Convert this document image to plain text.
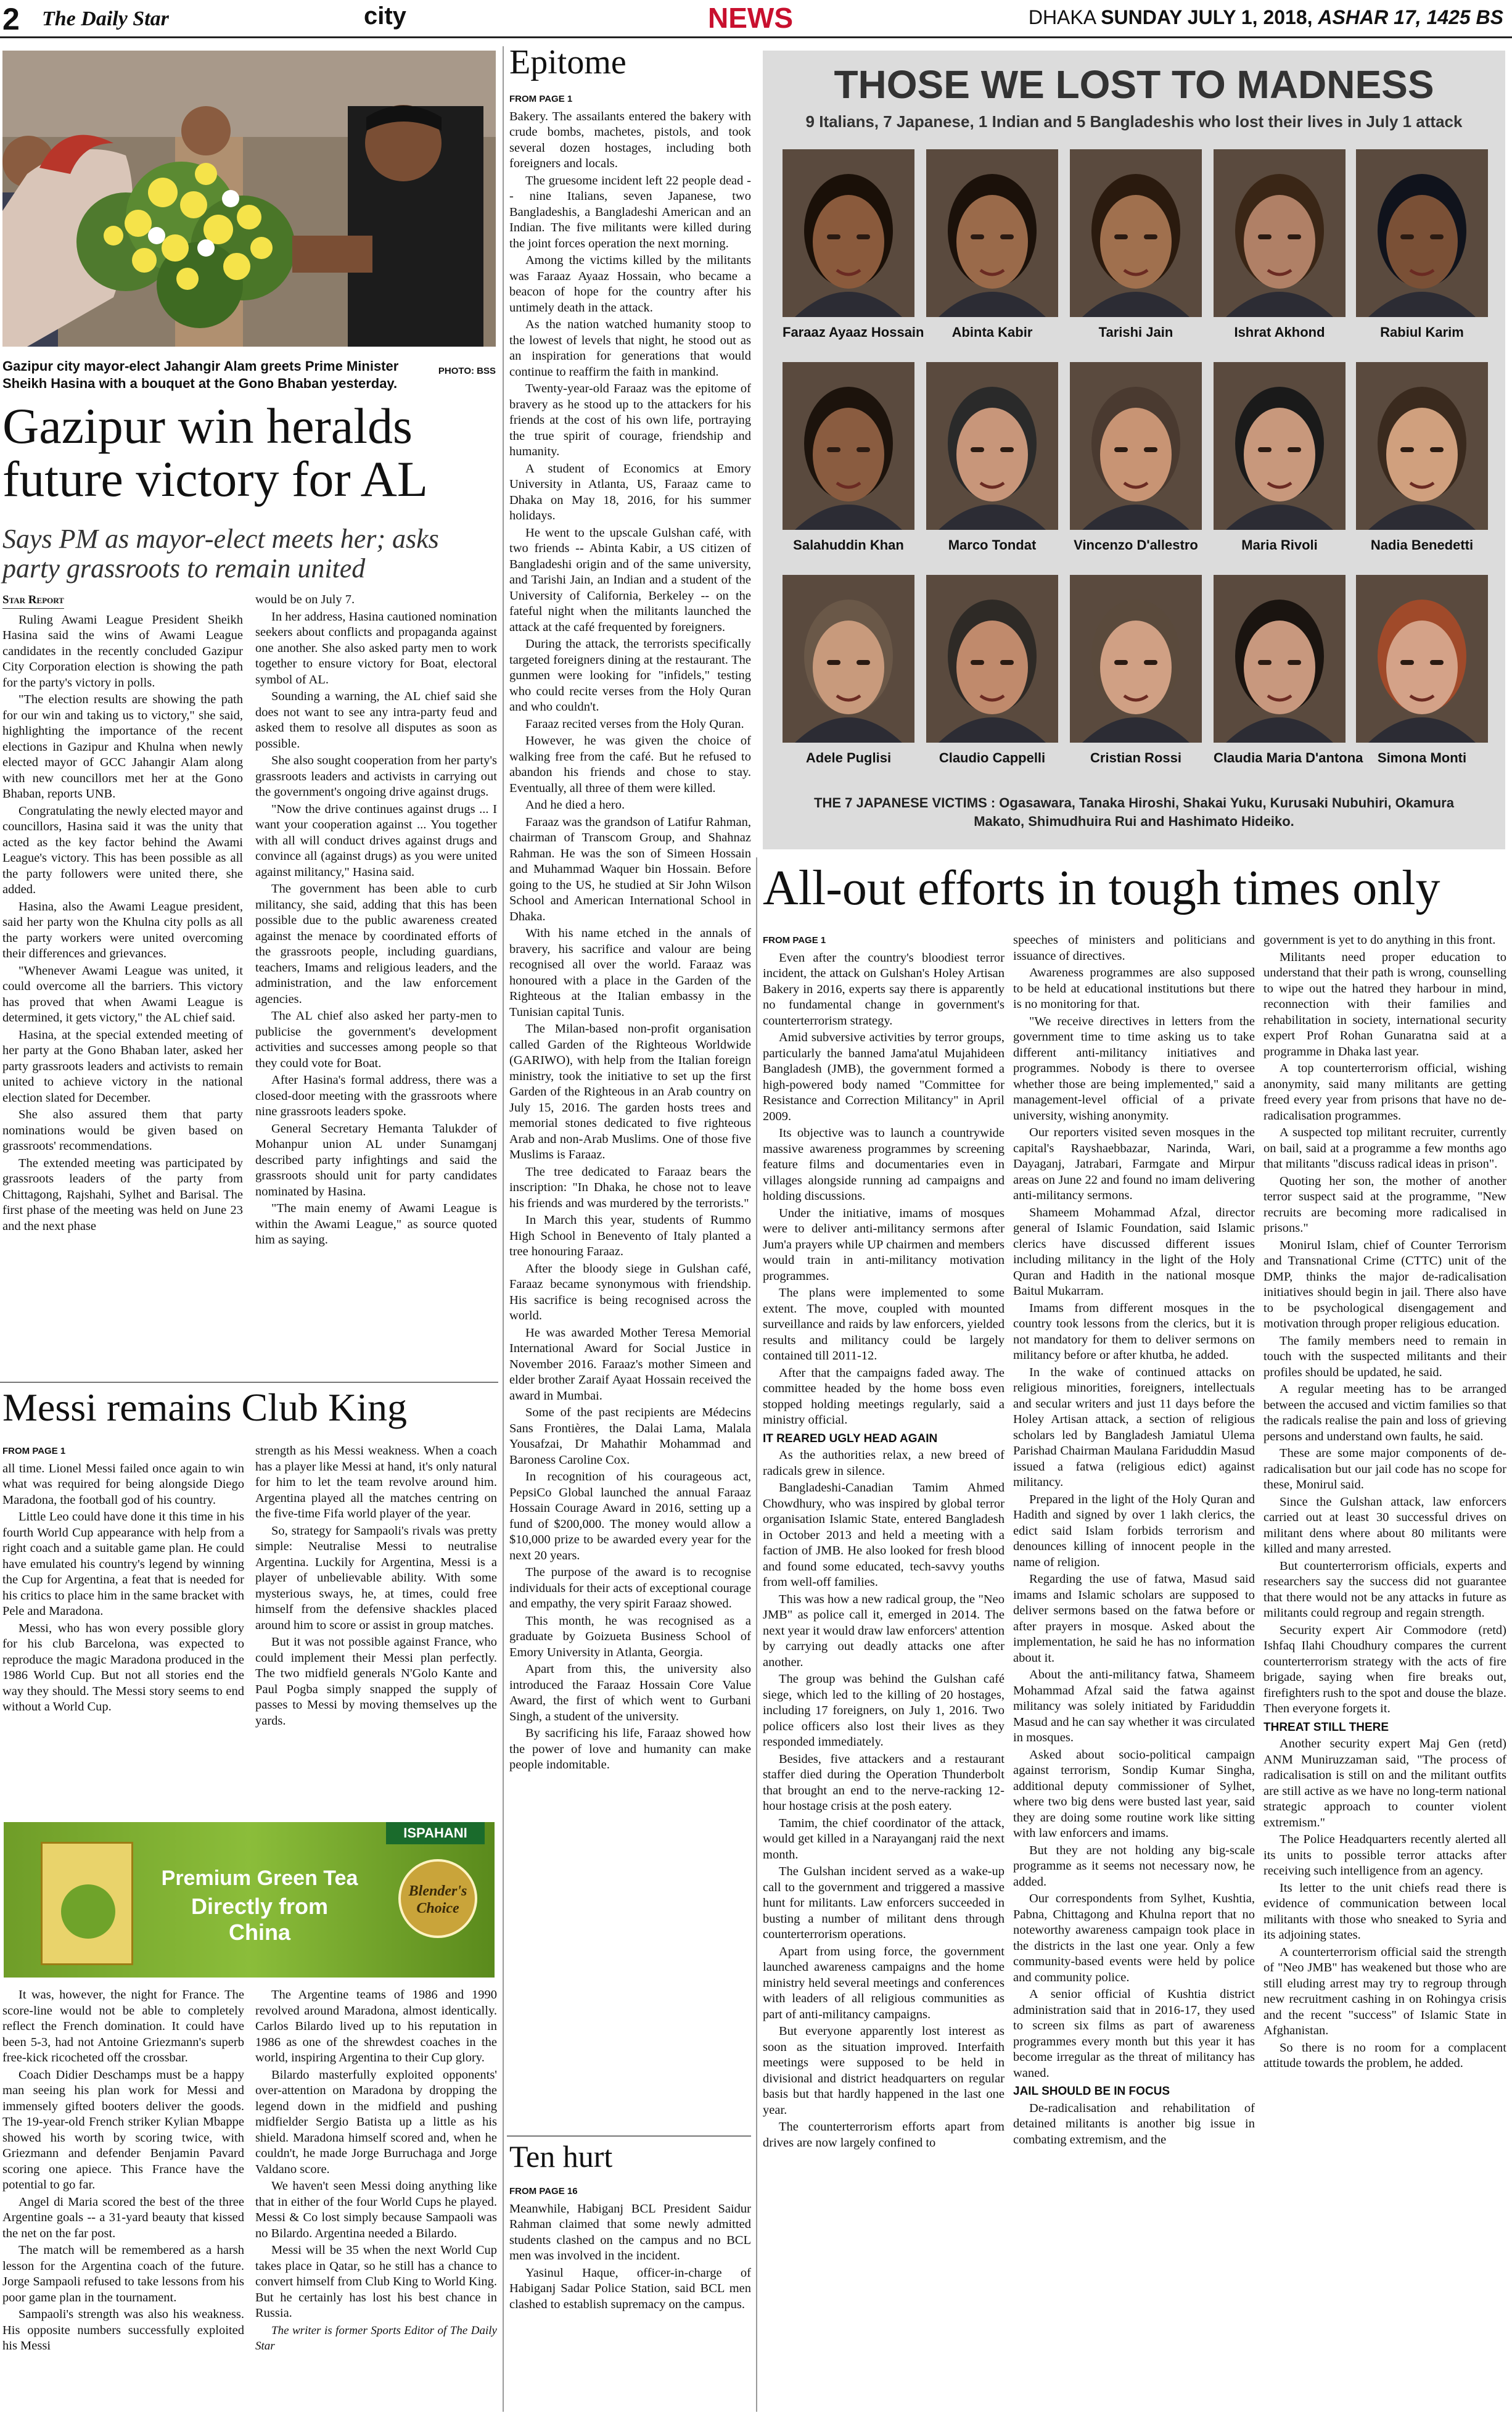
2 The Daily Star	city	NEWS	DHAKA SUNDAY JULY 1, 2018, ASHAR 17, 1425 BS
PHOTO: BSS
Gazipur city mayor-elect Jahangir Alam greets Prime Minister Sheikh Hasina with a bouquet at the Gono Bhaban yesterday.
Gazipur win heralds future victory for AL
Says PM as mayor-elect meets her; asks party grassroots to remain united
Star Report

Ruling Awami League President Sheikh Hasina said the wins of Awami League candidates in the recently concluded Gazipur City Corporation election is showing the path for the party's victory in polls.

"The election results are showing the path for our win and taking us to victory," she said, highlighting the importance of the recent elections in Gazipur and Khulna when newly elected mayor of GCC Jahangir Alam along with new councillors met her at the Gono Bhaban, reports UNB.

Congratulating the newly elected mayor and councillors, Hasina said it was the unity that acted as the key factor behind the Awami League's victory. This has been possible as all the party followers were united there, she added.

Hasina, also the Awami League president, said her party won the Khulna city polls as all the party workers were united overcoming their differences and grievances.

"Whenever Awami League was united, it could overcome all the barriers. This victory has proved that when Awami League is determined, it gets victory," the AL chief said.

Hasina, at the special extended meeting of her party at the Gono Bhaban later, asked her party grassroots leaders and activists to remain united to achieve victory in the national election slated for December.

She also assured them that party nominations would be given based on grassroots' recommendations.

The extended meeting was participated by grassroots leaders of the party from Chittagong, Rajshahi, Sylhet and Barisal. The first phase of the meeting was held on June 23 and the next phase

would be on July 7.

In her address, Hasina cautioned nomination seekers about conflicts and propaganda against one another. She also asked party men to work together to ensure victory for Boat, electoral symbol of AL.

Sounding a warning, the AL chief said she does not want to see any intra-party feud and asked them to resolve all disputes as soon as possible.

She also sought cooperation from her party's grassroots leaders and activists in carrying out the government's ongoing drive against drugs.

"Now the drive continues against drugs ... I want your cooperation against ... You together with all will conduct drives against drugs and convince all (against drugs) as you were united against militancy," Hasina said.

The government has been able to curb militancy, she said, adding that this has been possible due to the public awareness created against the menace by coordinated efforts of the grassroots people, including guardians, teachers, Imams and religious leaders, and the administration, and the law enforcement agencies.

The AL chief also asked her party-men to publicise the government's development activities and successes among people so that they could vote for Boat.

After Hasina's formal address, there was a closed-door meeting with the grassroots where nine grassroots leaders spoke.

General Secretary Hemanta Talukder of Mohanpur union AL under Sunamganj described party infightings and said the grassroots should unit for party candidates nominated by Hasina.

"The main enemy of Awami League is within the Awami League," as source quoted him as saying.

Messi remains Club King
FROM PAGE 1

all time. Lionel Messi failed once again to win what was required for being alongside Diego Maradona, the football god of his country.

Little Leo could have done it this time in his fourth World Cup appearance with help from a right coach and a suitable game plan. He could have emulated his country's legend by winning the Cup for Argentina, a feat that is needed for his critics to place him in the same bracket with Pele and Maradona.

Messi, who has won every possible glory for his club Barcelona, was expected to reproduce the magic Maradona produced in the 1986 World Cup. But not all stories end the way they should. The Messi story seems to end without a World Cup.

strength as his Messi weakness. When a coach has a player like Messi at hand, it's only natural for him to let the team revolve around him. Argentina played all the matches centring on the five-time Fifa world player of the year.

So, strategy for Sampaoli's rivals was pretty simple: Neutralise Messi to neutralise Argentina. Luckily for Argentina, Messi is a player of unbelievable ability. With some mysterious sways, he, at times, could free himself from the defensive shackles placed around him to score or assist in group matches.

But it was not possible against France, who could implement their Messi plan perfectly. The two midfield generals N'Golo Kante and Paul Pogba simply snapped the supply of passes to Messi by moving themselves up the yards.

Premium Green Tea
Directly from China
ISPAHANI
Blender's Choice

It was, however, the night for France. The score-line would not be able to completely reflect the French domination. It could have been 5-3, had not Antoine Griezmann's superb free-kick ricocheted off the crossbar.

Coach Didier Deschamps must be a happy man seeing his plan work for Messi and immensely gifted booters deliver the goods. The 19-year-old French striker Kylian Mbappe showed his worth by scoring twice, with Griezmann and defender Benjamin Pavard scoring one apiece. This France have the potential to go far.

Angel di Maria scored the best of the three Argentine goals -- a 31-yard beauty that kissed the net on the far post.

The match will be remembered as a harsh lesson for the Argentina coach of the future. Jorge Sampaoli refused to take lessons from his poor game plan in the tournament.

Sampaoli's strength was also his weakness. His opposite numbers successfully exploited his Messi

The Argentine teams of 1986 and 1990 revolved around Maradona, almost identically. Carlos Bilardo lived up to his reputation in 1986 as one of the shrewdest coaches in the world, inspiring Argentina to their Cup glory.

Bilardo masterfully exploited opponents' over-attention on Maradona by dropping the legend down in the midfield and pushing midfielder Sergio Batista up a little as his shield. Maradona himself scored and, when he couldn't, he made Jorge Burruchaga and Jorge Valdano score.

We haven't seen Messi doing anything like that in either of the four World Cups he played. Messi & Co lost simply because Sampaoli was no Bilardo. Argentina needed a Bilardo.

Messi will be 35 when the next World Cup takes place in Qatar, so he still has a chance to convert himself from Club King to World King. But he certainly has lost his best chance in Russia.

The writer is former Sports Editor of The Daily Star

Epitome
FROM PAGE 1

Bakery. The assailants entered the bakery with crude bombs, machetes, pistols, and took several dozen hostages, including both foreigners and locals.

The gruesome incident left 22 people dead -- nine Italians, seven Japanese, two Bangladeshis, a Bangladeshi American and an Indian. The five militants were killed during the joint forces operation the next morning.

Among the victims killed by the militants was Faraaz Ayaaz Hossain, who became a beacon of hope for the country after his untimely death in the attack.

As the nation watched humanity stoop to the lowest of levels that night, he stood out as an inspiration for generations that would continue to reaffirm the faith in mankind.

Twenty-year-old Faraaz was the epitome of bravery as he stood up to the attackers for his friends at the cost of his own life, portraying the true spirit of courage, friendship and humanity.

A student of Economics at Emory University in Atlanta, US, Faraaz came to Dhaka on May 18, 2016, for his summer holidays.

He went to the upscale Gulshan café, with two friends -- Abinta Kabir, a US citizen of Bangladeshi origin and of the same university, and Tarishi Jain, an Indian and a student of the University of California, Berkeley -- on the fateful night when the militants launched the attack at the café frequented by foreigners.

During the attack, the terrorists specifically targeted foreigners dining at the restaurant. The gunmen were looking for "infidels," testing who could recite verses from the Holy Quran and who couldn't.

Faraaz recited verses from the Holy Quran.

However, he was given the choice of walking free from the café. But he refused to abandon his friends and chose to stay. Eventually, all three of them were killed.

And he died a hero.

Faraaz was the grandson of Latifur Rahman, chairman of Transcom Group, and Shahnaz Rahman. He was the son of Simeen Hossain and Muhammad Waquer bin Hossain. Before going to the US, he studied at Sir John Wilson School and American International School in Dhaka.

With his name etched in the annals of bravery, his sacrifice and valour are being recognised all over the world. Faraaz was honoured with a place in the Garden of the Righteous at the Italian embassy in the Tunisian capital Tunis.

The Milan-based non-profit organisation called Garden of the Righteous Worldwide (GARIWO), with help from the Italian foreign ministry, took the initiative to set up the first Garden of the Righteous in an Arab country on July 15, 2016. The garden hosts trees and memorial stones dedicated to five righteous Arab and non-Arab Muslims. One of those five Muslims is Faraaz.

The tree dedicated to Faraaz bears the inscription: "In Dhaka, he chose not to leave his friends and was murdered by the terrorists."

In March this year, students of Rummo High School in Benevento of Italy planted a tree honouring Faraaz.

After the bloody siege in Gulshan café, Faraaz became synonymous with friendship. His sacrifice is being recognised across the world.

He was awarded Mother Teresa Memorial International Award for Social Justice in November 2016. Faraaz's mother Simeen and elder brother Zaraif Ayaat Hossain received the award in Mumbai.

Some of the past recipients are Médecins Sans Frontières, the Dalai Lama, Malala Yousafzai, Dr Mahathir Mohammad and Baroness Caroline Cox.

In recognition of his courageous act, PepsiCo Global launched the annual Faraaz Hossain Courage Award in 2016, setting up a fund of $200,000. The money would allow a $10,000 prize to be awarded every year for the next 20 years.

The purpose of the award is to recognise individuals for their acts of exceptional courage and empathy, the very spirit Faraaz showed.

This month, he was recognised as a graduate by Goizueta Business School of Emory University in Atlanta, Georgia.

Apart from this, the university also introduced the Faraaz Hossain Core Value Award, the first of which went to Gurbani Singh, a student of the university.

By sacrificing his life, Faraaz showed how the power of love and humanity can make people indomitable.

Ten hurt
FROM PAGE 16

Meanwhile, Habiganj BCL President Saidur Rahman claimed that some newly admitted students clashed on the campus and no BCL men was involved in the incident.

Yasinul Haque, officer-in-charge of Habiganj Sadar Police Station, said BCL men clashed to establish supremacy on the campus.

THOSE WE LOST TO MADNESS
9 Italians, 7 Japanese, 1 Indian and 5 Bangladeshis who lost their lives in July 1 attack
Faraaz Ayaaz Hossain	Abinta Kabir	Tarishi Jain	Ishrat Akhond	Rabiul Karim
Salahuddin Khan	Marco Tondat	Vincenzo D'allestro	Maria Rivoli	Nadia Benedetti
Adele Puglisi	Claudio Cappelli	Cristian Rossi	Claudia Maria D'antona	Simona Monti
THE 7 JAPANESE VICTIMS : Ogasawara, Tanaka Hiroshi, Shakai Yuku, Kurusaki Nubuhiri, Okamura Makato, Shimudhuira Rui and Hashimato Hideiko.
All-out efforts in tough times only
FROM PAGE 1

Even after the country's bloodiest terror incident, the attack on Gulshan's Holey Artisan Bakery in 2016, experts say there is apparently no fundamental change in government's counterterrorism strategy.

Amid subversive activities by terror groups, particularly the banned Jama'atul Mujahideen Bangladesh (JMB), the government formed a high-powered body named "Committee for Resistance and Correction Militancy" in April 2009.

Its objective was to launch a countrywide massive awareness programmes by screening feature films and documentaries even in villages alongside running ad campaigns and holding discussions.

Under the initiative, imams of mosques were to deliver anti-militancy sermons after Jum'a prayers while UP chairmen and members would train in anti-militancy motivation programmes.

The plans were implemented to some extent. The move, coupled with mounted surveillance and raids by law enforcers, yielded results and militancy could be largely contained till 2011-12.

After that the campaigns faded away. The committee headed by the home boss even stopped holding meetings regularly, said a ministry official.

IT REARED UGLY HEAD AGAIN

As the authorities relax, a new breed of radicals grew in silence.

Bangladeshi-Canadian Tamim Ahmed Chowdhury, who was inspired by global terror organisation Islamic State, entered Bangladesh in October 2013 and held a meeting with a faction of JMB. He also looked for fresh blood and found some educated, tech-savvy youths from well-off families.

This was how a new radical group, the "Neo JMB" as police call it, emerged in 2014. The next year it would draw law enforcers' attention by carrying out deadly attacks one after another.

The group was behind the Gulshan café siege, which led to the killing of 20 hostages, including 17 foreigners, on July 1, 2016. Two police officers also lost their lives as they responded immediately.

Besides, five attackers and a restaurant staffer died during the Operation Thunderbolt that brought an end to the nerve-racking 12-hour hostage crisis at the posh eatery.

Tamim, the chief coordinator of the attack, would get killed in a Narayanganj raid the next month.

The Gulshan incident served as a wake-up call to the government and triggered a massive hunt for militants. Law enforcers succeeded in busting a number of militant dens through counterterrorism operations.

Apart from using force, the government launched awareness campaigns and the home ministry held several meetings and conferences with leaders of all religious communities as part of anti-militancy campaigns.

But everyone apparently lost interest as soon as the situation improved. Interfaith meetings were supposed to be held in divisional and district headquarters on regular basis but that hardly happened in the last one year.

The counterterrorism efforts apart from drives are now largely confined to

speeches of ministers and politicians and issuance of directives.

Awareness programmes are also supposed to be held at educational institutions but there is no monitoring for that.

"We receive directives in letters from the government time to time asking us to take different anti-militancy initiatives and programmes. Nobody is there to oversee whether those are being implemented," said a management-level official of a private university, wishing anonymity.

Our reporters visited seven mosques in the capital's Rayshaebbazar, Narinda, Wari, Dayaganj, Jatrabari, Farmgate and Mirpur areas on June 22 and found no imam delivering anti-militancy sermons.

Shameem Mohammad Afzal, director general of Islamic Foundation, said Islamic clerics have discussed different issues including militancy in the light of the Holy Quran and Hadith in the national mosque Baitul Mukarram.

Imams from different mosques in the country took lessons from the clerics, but it is not mandatory for them to deliver sermons on militancy before or after khutba, he added.

In the wake of continued attacks on religious minorities, foreigners, intellectuals and secular writers and just 11 days before the Holey Artisan attack, a section of religious scholars led by Bangladesh Jamiatul Ulema Parishad Chairman Maulana Fariduddin Masud issued a fatwa (religious edict) against militancy.

Prepared in the light of the Holy Quran and Hadith and signed by over 1 lakh clerics, the edict said Islam forbids terrorism and denounces killing of innocent people in the name of religion.

Regarding the use of fatwa, Masud said imams and Islamic scholars are supposed to deliver sermons based on the fatwa before or after prayers in mosque. Asked about the implementation, he said he has no information about it.

About the anti-militancy fatwa, Shameem Mohammad Afzal said the fatwa against militancy was solely initiated by Fariduddin Masud and he can say whether it was circulated in mosques.

Asked about socio-political campaign against terrorism, Sondip Kumar Singha, additional deputy commissioner of Sylhet, where two big dens were busted last year, said they are doing some routine work like sitting with law enforcers and imams.

But they are not holding any big-scale programme as it seems not necessary now, he added.

Our correspondents from Sylhet, Kushtia, Pabna, Chittagong and Khulna report that no noteworthy awareness campaign took place in the districts in the last one year. Only a few community-based events were held by police and community police.

A senior official of Kushtia district administration said that in 2016-17, they used to screen six films as part of awareness programmes every month but this year it has become irregular as the threat of militancy has waned.

JAIL SHOULD BE IN FOCUS

De-radicalisation and rehabilitation of detained militants is another big issue in combating extremism, and the

government is yet to do anything in this front.

Militants need proper education to understand that their path is wrong, counselling to wipe out the hatred they harbour in mind, reconnection with their families and rehabilitation in society, international security expert Prof Rohan Gunaratna said at a programme in Dhaka last year.

A top counterterrorism official, wishing anonymity, said many militants are getting freed every year from prisons that have no de-radicalisation programmes.

A suspected top militant recruiter, currently on bail, said at a programme a few months ago that militants "discuss radical ideas in prison".

Quoting her son, the mother of another terror suspect said at the programme, "New recruits are becoming more radicalised in prisons."

Monirul Islam, chief of Counter Terrorism and Transnational Crime (CTTC) unit of the DMP, thinks the major de-radicalisation initiatives should begin in jail. There also have to be psychological disengagement and motivation through proper religious education.

The family members need to remain in touch with the suspected militants and their profiles should be updated, he said.

A regular meeting has to be arranged between the accused and victim families so that the radicals realise the pain and loss of grieving persons and understand own faults, he said.

These are some major components of de-radicalisation but our jail code has no scope for these, Monirul said.

Since the Gulshan attack, law enforcers carried out at least 30 successful drives on militant dens where about 80 militants were killed and many arrested.

But counterterrorism officials, experts and researchers say the success did not guarantee that there would not be any attacks in future as militants could regroup and regain strength.

Security expert Air Commodore (retd) Ishfaq Ilahi Choudhury compares the current counterterrorism strategy with the acts of fire brigade, saying when fire breaks out, firefighters rush to the spot and douse the blaze. Then everyone forgets it.

THREAT STILL THERE

Another security expert Maj Gen (retd) ANM Muniruzzaman said, "The process of radicalisation is still on and the militant outfits are still active as we have no long-term national strategic approach to counter violent extremism."

The Police Headquarters recently alerted all its units to possible terror attacks after receiving such intelligence from an agency.

Its letter to the unit chiefs read there is evidence of communication between local militants with those who sneaked to Syria and its adjoining states.

A counterterrorism official said the strength of "Neo JMB" has weakened but those who are still eluding arrest may try to regroup through new recruitment cashing in on Rohingya crisis and the recent "success" of Islamic State in Afghanistan.

So there is no room for a complacent attitude towards the problem, he added.
